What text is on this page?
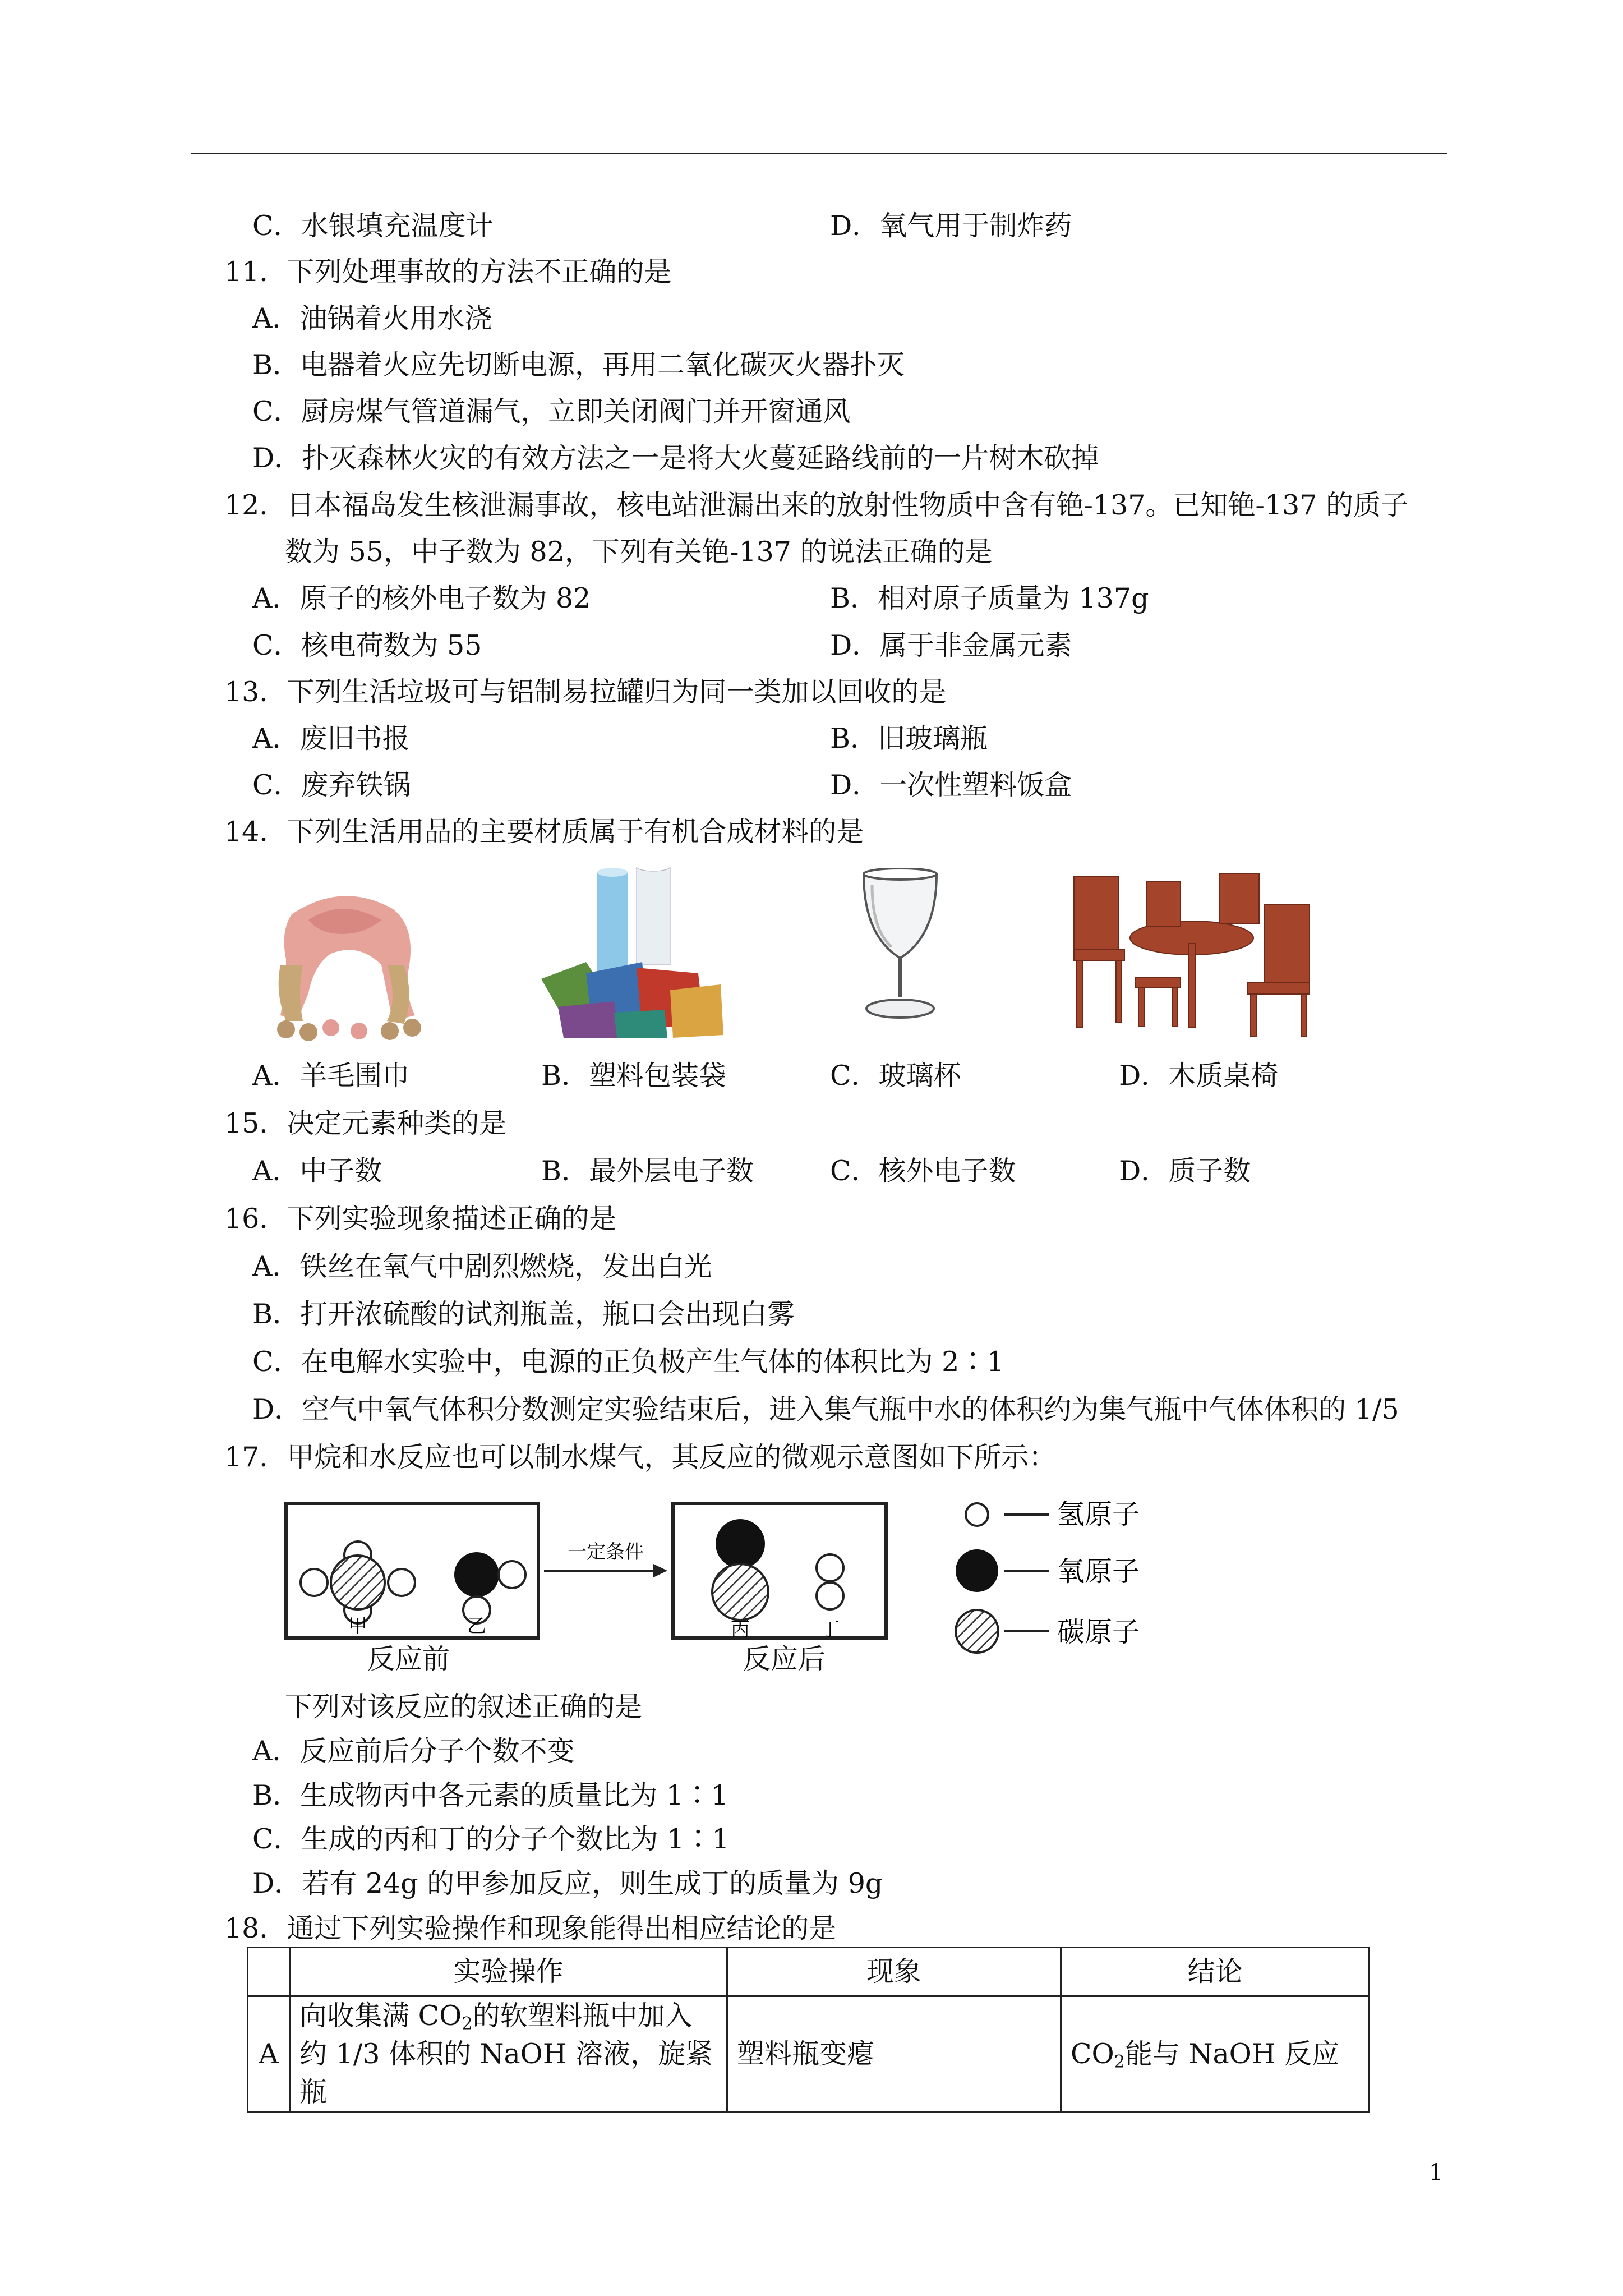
C．水银填充温度计	D．氧气用于制炸药
11．下列处理事故的方法不正确的是
A．油锅着火用水浇
B．电器着火应先切断电源，再用二氧化碳灭火器扑灭
C．厨房煤气管道漏气，立即关闭阀门并开窗通风
D．扑灭森林火灾的有效方法之一是将大火蔓延路线前的一片树木砍掉
12．日本福岛发生核泄漏事故，核电站泄漏出来的放射性物质中含有铯-137。已知铯-137 的质子
数为 55，中子数为 82，下列有关铯-137 的说法正确的是
A．原子的核外电子数为 82	B．相对原子质量为 137g
C．核电荷数为 55	D．属于非金属元素
13．下列生活垃圾可与铝制易拉罐归为同一类加以回收的是
A．废旧书报	B．旧玻璃瓶
C．废弃铁锅	D．一次性塑料饭盒
14．下列生活用品的主要材质属于有机合成材料的是
A．羊毛围巾	B．塑料包装袋	C．玻璃杯	D．木质桌椅
15．决定元素种类的是
A．中子数	B．最外层电子数	C．核外电子数	D．质子数
16．下列实验现象描述正确的是
A．铁丝在氧气中剧烈燃烧，发出白光
B．打开浓硫酸的试剂瓶盖，瓶口会出现白雾
C．在电解水实验中，电源的正负极产生气体的体积比为 2∶1
D．空气中氧气体积分数测定实验结束后，进入集气瓶中水的体积约为集气瓶中气体体积的 1/5
17．甲烷和水反应也可以制水煤气，其反应的微观示意图如下所示：
甲	乙
一定条件
丙	丁
氢原子
氧原子
碳原子
反应前	反应后
下列对该反应的叙述正确的是
A．反应前后分子个数不变
B．生成物丙中各元素的质量比为 1∶1
C．生成的丙和丁的分子个数比为 1∶1
D．若有 24g 的甲参加反应，则生成丁的质量为 9g
18．通过下列实验操作和现象能得出相应结论的是
	实验操作	现象	结论
A	向收集满 $CO_2$的软塑料瓶中加入
约 1/3 体积的 NaOH 溶液，旋紧瓶	塑料瓶变瘪	$CO_2$能与 NaOH 反应
1
